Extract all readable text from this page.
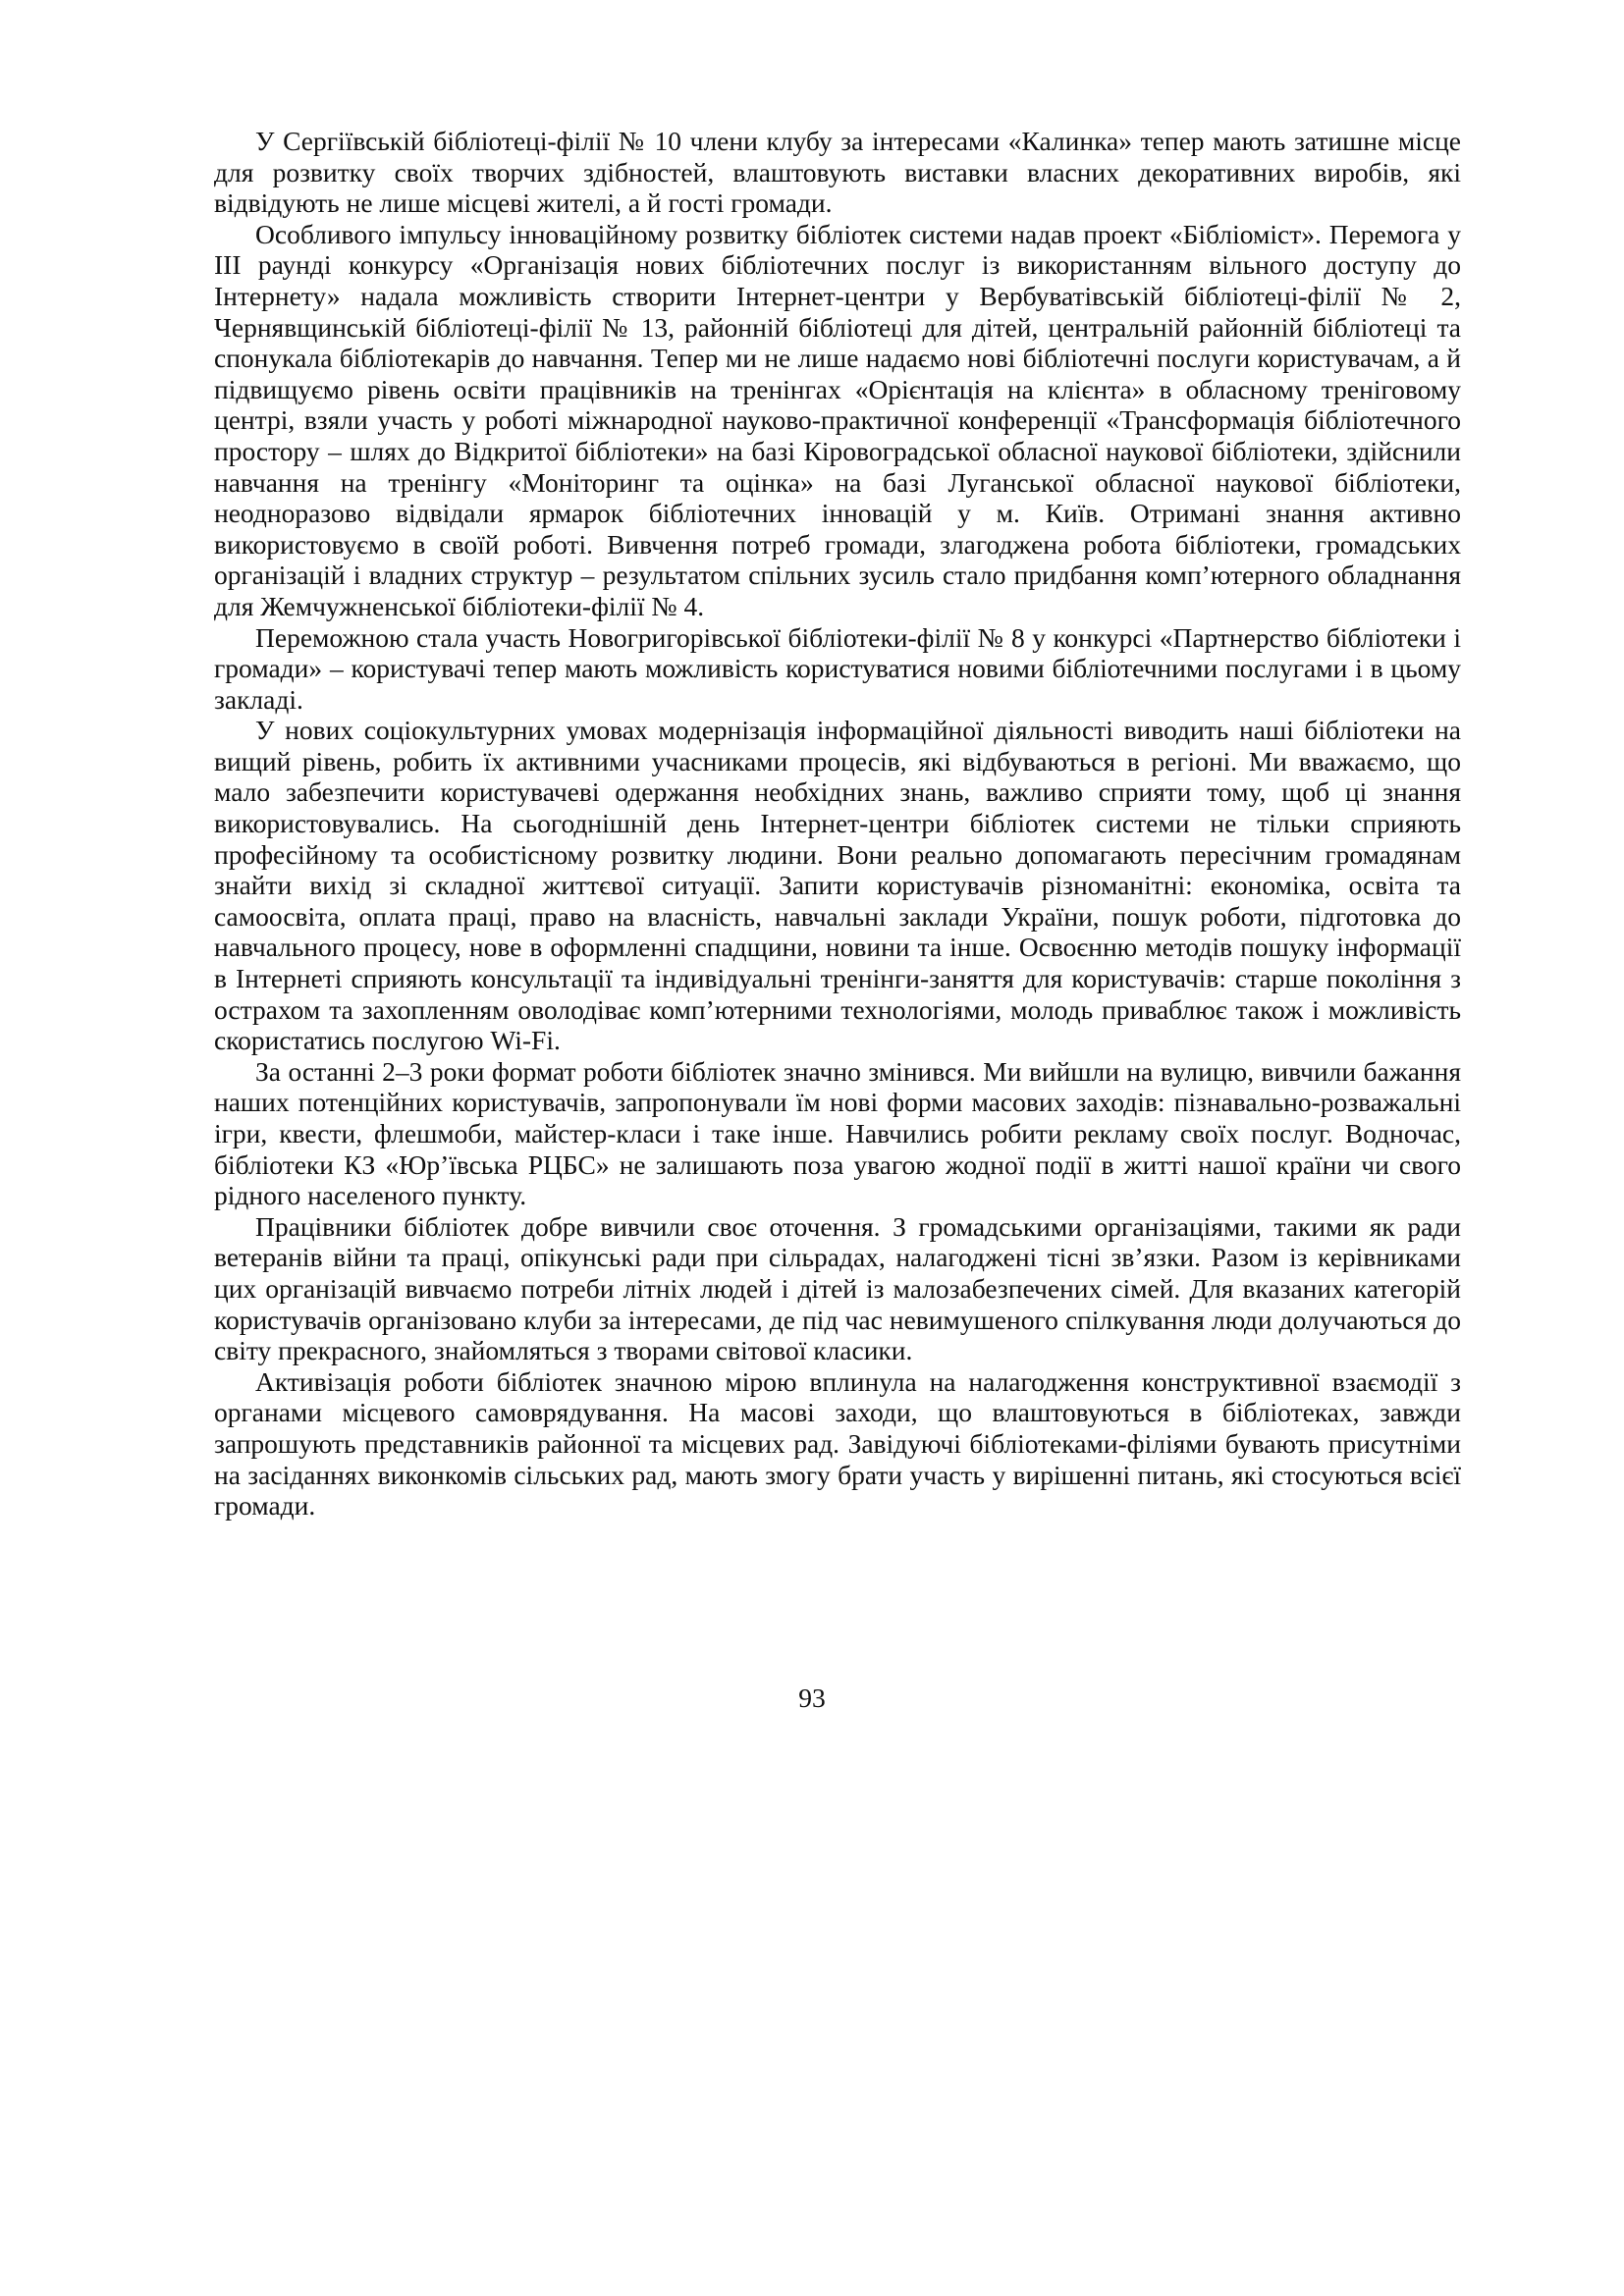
У Сергіївській бібліотеці-філії № 10 члени клубу за інтересами «Калинка» тепер мають затишне місце для розвитку своїх творчих здібностей, влаштовують виставки власних декоративних виробів, які відвідують не лише місцеві жителі, а й гості громади.

Особливого імпульсу інноваційному розвитку бібліотек системи надав проект «Бібліоміст». Перемога у ІІІ раунді конкурсу «Організація нових бібліотечних послуг із використанням вільного доступу до Інтернету» надала можливість створити Інтернет-центри у Вербуватівській бібліотеці-філії № 2, Чернявщинській бібліотеці-філії № 13, районній бібліотеці для дітей, центральній районній бібліотеці та спонукала бібліотекарів до навчання. Тепер ми не лише надаємо нові бібліотечні послуги користувачам, а й підвищуємо рівень освіти працівників на тренінгах «Орієнтація на клієнта» в обласному треніговому центрі, взяли участь у роботі міжнародної науково-практичної конференції «Трансформація бібліотечного простору – шлях до Відкритої бібліотеки» на базі Кіровоградської обласної наукової бібліотеки, здійснили навчання на тренінгу «Моніторинг та оцінка» на базі Луганської обласної наукової бібліотеки, неодноразово відвідали ярмарок бібліотечних інновацій у м. Київ. Отримані знання активно використовуємо в своїй роботі. Вивчення потреб громади, злагоджена робота бібліотеки, громадських організацій і владних структур – результатом спільних зусиль стало придбання комп’ютерного обладнання для Жемчужненської бібліотеки-філії № 4.

Переможною стала участь Новогригорівської бібліотеки-філії № 8 у конкурсі «Партнерство бібліотеки і громади» – користувачі тепер мають можливість користуватися новими бібліотечними послугами і в цьому закладі.

У нових соціокультурних умовах модернізація інформаційної діяльності виводить наші бібліотеки на вищий рівень, робить їх активними учасниками процесів, які відбуваються в регіоні. Ми вважаємо, що мало забезпечити користувачеві одержання необхідних знань, важливо сприяти тому, щоб ці знання використовувались. На сьогоднішній день Інтернет-центри бібліотек системи не тільки сприяють професійному та особистісному розвитку людини. Вони реально допомагають пересічним громадянам знайти вихід зі складної життєвої ситуації. Запити користувачів різноманітні: економіка, освіта та самоосвіта, оплата праці, право на власність, навчальні заклади України, пошук роботи, підготовка до навчального процесу, нове в оформленні спадщини, новини та інше. Освоєнню методів пошуку інформації в Інтернеті сприяють консультації та індивідуальні тренінги-заняття для користувачів: старше покоління з острахом та захопленням оволодіває комп’ютерними технологіями, молодь приваблює також і можливість скористатись послугою Wi-Fi.

За останні 2–3 роки формат роботи бібліотек значно змінився. Ми вийшли на вулицю, вивчили бажання наших потенційних користувачів, запропонували їм нові форми масових заходів: пізнавально-розважальні ігри, квести, флешмоби, майстер-класи і таке інше. Навчились робити рекламу своїх послуг. Водночас, бібліотеки КЗ «Юр’ївська РЦБС» не залишають поза увагою жодної події в житті нашої країни чи свого рідного населеного пункту.

Працівники бібліотек добре вивчили своє оточення. З громадськими організаціями, такими як ради ветеранів війни та праці, опікунські ради при сільрадах, налагоджені тісні зв’язки. Разом із керівниками цих організацій вивчаємо потреби літніх людей і дітей із малозабезпечених сімей. Для вказаних категорій користувачів організовано клуби за інтересами, де під час невимушеного спілкування люди долучаються до світу прекрасного, знайомляться з творами світової класики.

Активізація роботи бібліотек значною мірою вплинула на налагодження конструктивної взаємодії з органами місцевого самоврядування. На масові заходи, що влаштовуються в бібліотеках, завжди запрошують представників районної та місцевих рад. Завідуючі бібліотеками-філіями бувають присутніми на засіданнях виконкомів сільських рад, мають змогу брати участь у вирішенні питань, які стосуються всієї громади.

93
